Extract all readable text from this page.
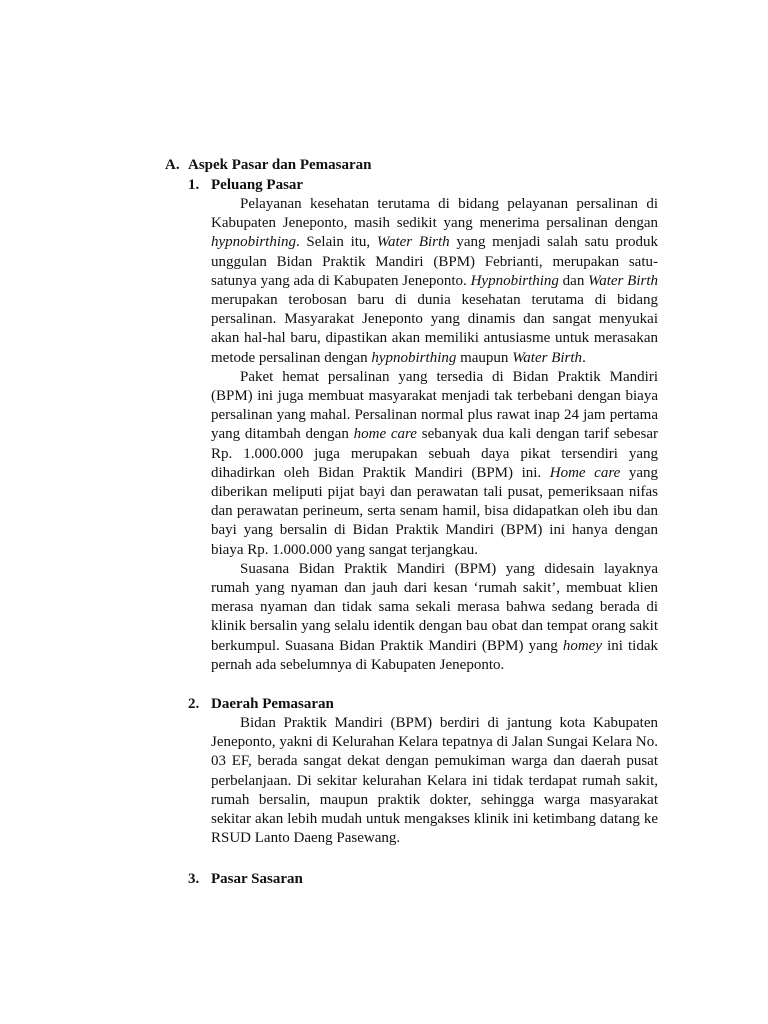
A. Aspek Pasar dan Pemasaran
1. Peluang Pasar

Pelayanan kesehatan terutama di bidang pelayanan persalinan di Kabupaten Jeneponto, masih sedikit yang menerima persalinan dengan hypnobirthing. Selain itu, Water Birth yang menjadi salah satu produk unggulan Bidan Praktik Mandiri (BPM) Febrianti, merupakan satu-satunya yang ada di Kabupaten Jeneponto. Hypnobirthing dan Water Birth merupakan terobosan baru di dunia kesehatan terutama di bidang persalinan. Masyarakat Jeneponto yang dinamis dan sangat menyukai akan hal-hal baru, dipastikan akan memiliki antusiasme untuk merasakan metode persalinan dengan hypnobirthing maupun Water Birth.

Paket hemat persalinan yang tersedia di Bidan Praktik Mandiri (BPM) ini juga membuat masyarakat menjadi tak terbebani dengan biaya persalinan yang mahal. Persalinan normal plus rawat inap 24 jam pertama yang ditambah dengan home care sebanyak dua kali dengan tarif sebesar Rp. 1.000.000 juga merupakan sebuah daya pikat tersendiri yang dihadirkan oleh Bidan Praktik Mandiri (BPM) ini. Home care yang diberikan meliputi pijat bayi dan perawatan tali pusat, pemeriksaan nifas dan perawatan perineum, serta senam hamil, bisa didapatkan oleh ibu dan bayi yang bersalin di Bidan Praktik Mandiri (BPM) ini hanya dengan biaya Rp. 1.000.000 yang sangat terjangkau.

Suasana Bidan Praktik Mandiri (BPM) yang didesain layaknya rumah yang nyaman dan jauh dari kesan ‘rumah sakit’, membuat klien merasa nyaman dan tidak sama sekali merasa bahwa sedang berada di klinik bersalin yang selalu identik dengan bau obat dan tempat orang sakit berkumpul. Suasana Bidan Praktik Mandiri (BPM) yang homey ini tidak pernah ada sebelumnya di Kabupaten Jeneponto.

2. Daerah Pemasaran

Bidan Praktik Mandiri (BPM) berdiri di jantung kota Kabupaten Jeneponto, yakni di Kelurahan Kelara tepatnya di Jalan Sungai Kelara No. 03 EF, berada sangat dekat dengan pemukiman warga dan daerah pusat perbelanjaan. Di sekitar kelurahan Kelara ini tidak terdapat rumah sakit, rumah bersalin, maupun praktik dokter, sehingga warga masyarakat sekitar akan lebih mudah untuk mengakses klinik ini ketimbang datang ke RSUD Lanto Daeng Pasewang.

3. Pasar Sasaran
